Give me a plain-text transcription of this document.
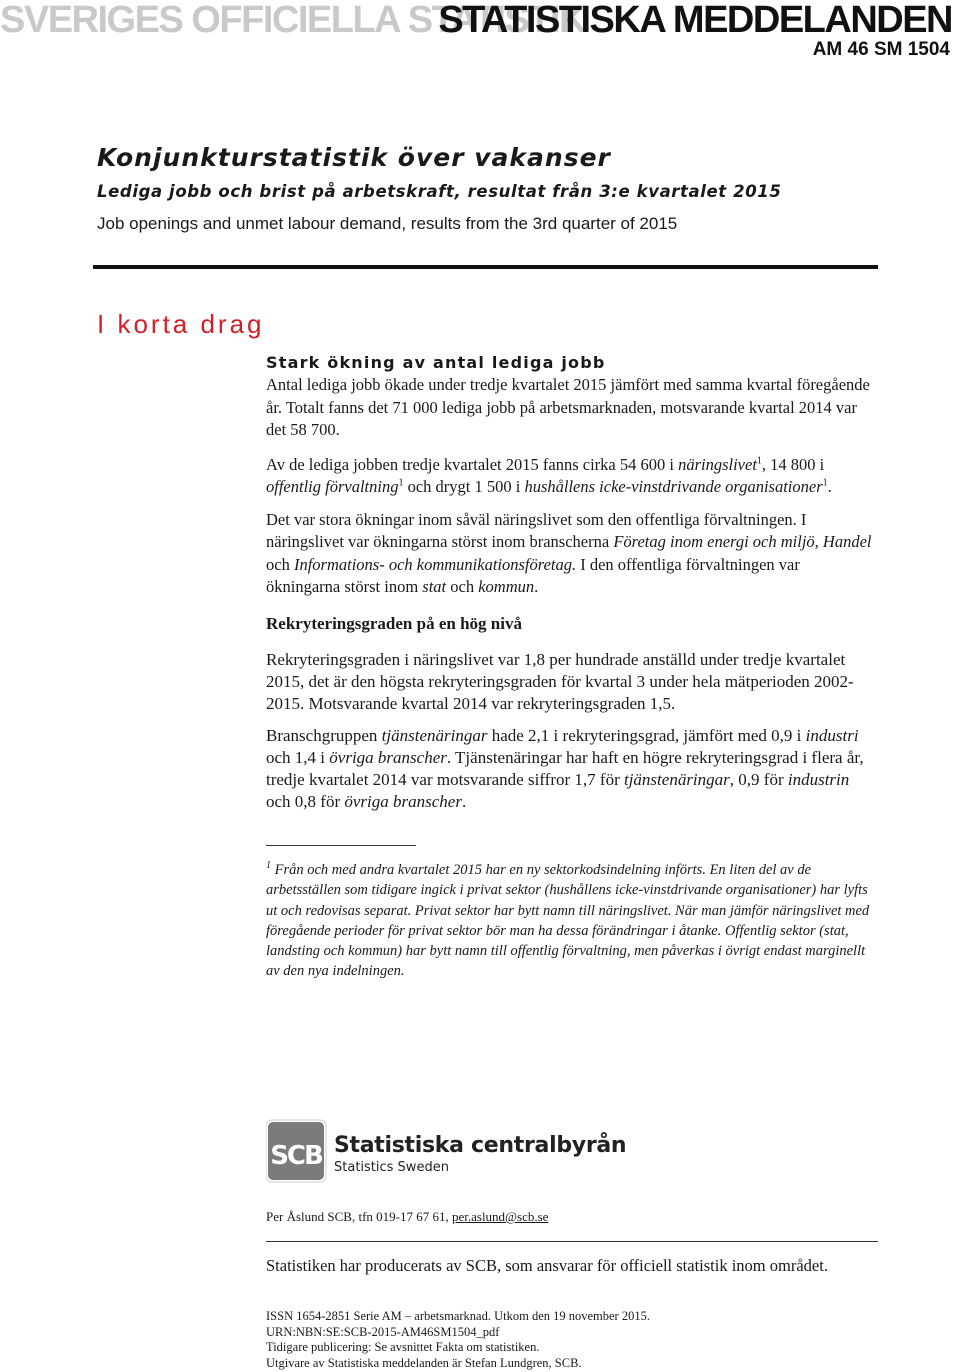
SVERIGES OFFICIELLA STATISTIK
STATISTISKA MEDDELANDEN
AM 46 SM 1504
Konjunkturstatistik över vakanser
Lediga jobb och brist på arbetskraft, resultat från 3:e kvartalet 2015
Job openings and unmet labour demand, results from the 3rd quarter of 2015
I korta drag

Stark ökning av antal lediga jobb

Antal lediga jobb ökade under tredje kvartalet 2015 jämfört med samma kvartal föregående år. Totalt fanns det 71 000 lediga jobb på arbetsmarknaden, motsvarande kvartal 2014 var det 58 700.

Av de lediga jobben tredje kvartalet 2015 fanns cirka 54 600 i näringslivet$^1$, 14 800 i offentlig förvaltning$^1$ och drygt 1 500 i hushållens icke-vinstdrivande organisationer$^1$.

Det var stora ökningar inom såväl näringslivet som den offentliga förvaltningen. I näringslivet var ökningarna störst inom branscherna Företag inom energi och miljö, Handel och Informations- och kommunikationsföretag. I den offentliga förvaltningen var ökningarna störst inom stat och kommun.

Rekryteringsgraden på en hög nivå

Rekryteringsgraden i näringslivet var 1,8 per hundrade anställd under tredje kvartalet 2015, det är den högsta rekryteringsgraden för kvartal 3 under hela mätperioden 2002-2015. Motsvarande kvartal 2014 var rekryteringsgraden 1,5.

Branschgruppen tjänstenäringar hade 2,1 i rekryteringsgrad, jämfört med 0,9 i industri och 1,4 i övriga branscher. Tjänstenäringar har haft en högre rekryteringsgrad i flera år, tredje kvartalet 2014 var motsvarande siffror 1,7 för tjänstenäringar, 0,9 för industrin och 0,8 för övriga branscher.

$^1$ Från och med andra kvartalet 2015 har en ny sektorkodsindelning införts. En liten del av de arbetsställen som tidigare ingick i privat sektor (hushållens icke-vinstdrivande organisationer) har lyfts ut och redovisas separat. Privat sektor har bytt namn till näringslivet. När man jämför näringslivet med föregående perioder för privat sektor bör man ha dessa förändringar i åtanke. Offentlig sektor (stat, landsting och kommun) har bytt namn till offentlig förvaltning, men påverkas i övrigt endast marginellt av den nya indelningen.
SCB Statistiska centralbyrån
Statistics Sweden
Per Åslund SCB, tfn 019-17 67 61, per.aslund@scb.se
Statistiken har producerats av SCB, som ansvarar för officiell statistik inom området.
ISSN 1654-2851 Serie AM – arbetsmarknad. Utkom den 19 november 2015.
URN:NBN:SE:SCB-2015-AM46SM1504_pdf
Tidigare publicering: Se avsnittet Fakta om statistiken.
Utgivare av Statistiska meddelanden är Stefan Lundgren, SCB.
